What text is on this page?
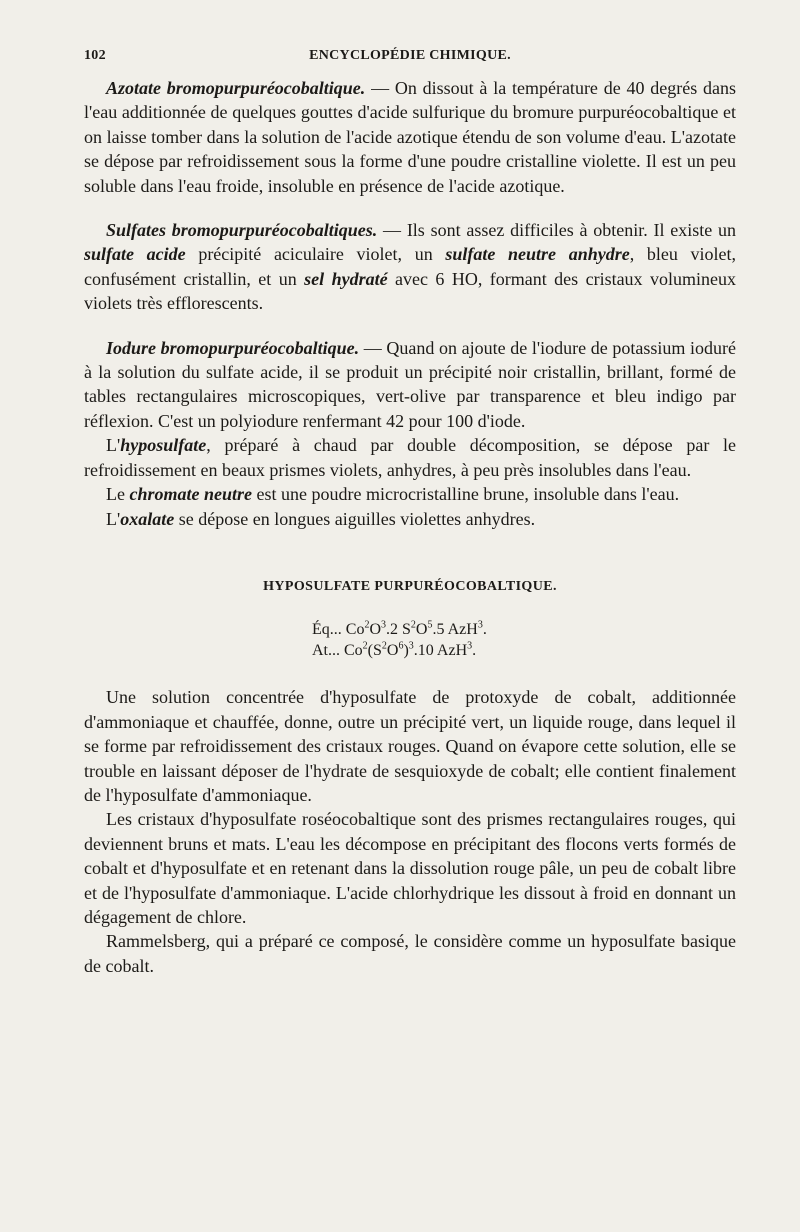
102	ENCYCLOPÉDIE CHIMIQUE.

Azotate bromopurpuréocobaltique. — On dissout à la température de 40 degrés dans l'eau additionnée de quelques gouttes d'acide sulfurique du bromure purpuréocobaltique et on laisse tomber dans la solution de l'acide azotique étendu de son volume d'eau. L'azotate se dépose par refroidissement sous la forme d'une poudre cristalline violette. Il est un peu soluble dans l'eau froide, insoluble en présence de l'acide azotique.

Sulfates bromopurpuréocobaltiques. — Ils sont assez difficiles à obtenir. Il existe un sulfate acide précipité aciculaire violet, un sulfate neutre anhydre, bleu violet, confusément cristallin, et un sel hydraté avec 6 HO, formant des cristaux volumineux violets très efflorescents.

Iodure bromopurpuréocobaltique. — Quand on ajoute de l'iodure de potassium ioduré à la solution du sulfate acide, il se produit un précipité noir cristallin, brillant, formé de tables rectangulaires microscopiques, vert-olive par transparence et bleu indigo par réflexion. C'est un polyiodure renfermant 42 pour 100 d'iode.

L'hyposulfate, préparé à chaud par double décomposition, se dépose par le refroidissement en beaux prismes violets, anhydres, à peu près insolubles dans l'eau.

Le chromate neutre est une poudre microcristalline brune, insoluble dans l'eau.

L'oxalate se dépose en longues aiguilles violettes anhydres.

HYPOSULFATE PURPURÉOCOBALTIQUE.
Éq... $Co^2O^3.2$ $S^2O^5.5$ AzH$^3$.
At... $Co^2(S^2O^6)^3.10$ AzH$^3$.

Une solution concentrée d'hyposulfate de protoxyde de cobalt, additionnée d'ammoniaque et chauffée, donne, outre un précipité vert, un liquide rouge, dans lequel il se forme par refroidissement des cristaux rouges. Quand on évapore cette solution, elle se trouble en laissant déposer de l'hydrate de sesquioxyde de cobalt; elle contient finalement de l'hyposulfate d'ammoniaque.

Les cristaux d'hyposulfate roséocobaltique sont des prismes rectangulaires rouges, qui deviennent bruns et mats. L'eau les décompose en précipitant des flocons verts formés de cobalt et d'hyposulfate et en retenant dans la dissolution rouge pâle, un peu de cobalt libre et de l'hyposulfate d'ammoniaque. L'acide chlorhydrique les dissout à froid en donnant un dégagement de chlore.

Rammelsberg, qui a préparé ce composé, le considère comme un hyposulfate basique de cobalt.
